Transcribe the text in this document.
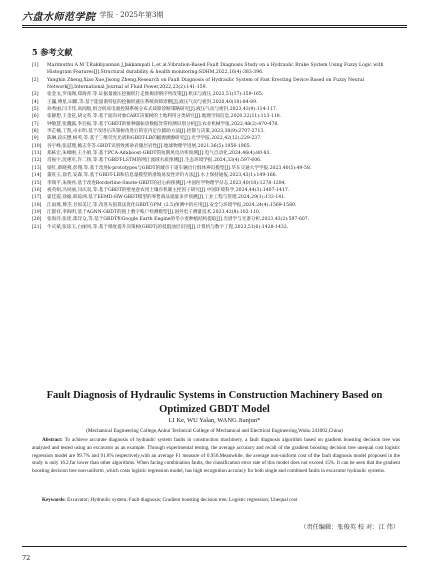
六盘水师范学院 学报 · 2025年第3期
5 参考文献
[1]	Marimuthu A M T,Rakkiyannan J,Jakkampati L,et al.Vibration-Based Fault Diagnosis Study on a Hydraulic Brake System Using Fuzzy Logic with Histogram Features[J].Structural durability & health monitoring:SDHM,2022,16(4):383-396.
[2]	Yanghin Zheng,Xiao Xue,Jisong Zheng,Research on Fault Diagnosis of Hydraulic System of Fast Erecting Device Based on Fuzzy Neural Network[J].International Journal of Fluid Power,2022,23(2):141-159.
[3]	张金戈,罗南阁,郑海青.等.证据量液压挖掘机行走推揭诊断序列改策[J].机床与液压,2023,51(17):159-165.
[4]	王巍,傅星,田麒,等.基于能量谱特征的挖掘机液压系统故障诊断[J].液压气动与密封,2020,40(10):84-89.
[5]	孙秀丽,闫丰伟,高闻航,组合机床电液控制系统分布式故障诊断策略研究[J].液压气动与密封,2023,43(9):114-117.
[6]	张静想,王金花,胡文英.等.基于面向对象CART决策树的土地利用分类研究[J].地理空间信息,2020,22(11):113-118.
[7]	钟敏慧,张魏露,李启振,等.基于GBDT的排种器振动数据异常检测识别分析[J].农业机械学报,2022,48(2):470-478.
[8]	李芷楠,丁凯,卓永明.基于改进后决策树改进后的室内定位辅助方法[J].控制与决策,2023,38(9):2707-2713.
[9]	陈琳,段庆懋,杨英,等.基于三维荧光光谱和GBDT-LR的幅源溯源研究[J].光学学报,2022,42(12):229-237.
[10]	谷宇峰,张道理,鲍志冬等.GBDT识别致密砂岩储层岩性[J].地球物理学进展,2021,36(5):1956-1965.
[11]	郑栋宏,朱峰刚,王小娟,等.基于PCA-Adaboost-GBDT的短期风电功率预测[J].电气自动化,2024,46(4):80-83.
[12]	肖振宇,沈惠军,许二扬,等.基于GBDT-LSTM的网江流域水质预测[J].生态环境学报,2024,33(4):597-606.
[13]	梁红,蔡晓燕,彭翔,等.基于改进k-prototypes与GBDT的城市干道车辆出行群体辨识模型[J].华东交通大学学报,2023,40(5):49-58.
[14]	董旺玉,徐若,安森,等.基于GBDT-LR和信息量模型的滑坡易发性评价方法[J].水土保持通报,2023,43(1):149-166.
[15]	李瑞平,朱俊亮.基于改进Borderline-Smote-GBDT的冠心病预测[J].中国医学物理学杂志,2023,40(10):1278-1284.
[16]	祝英娟,冯同丽,闫庆双,等.基于GBDT的壁垒意农用土壤有机碳主控因子研究[J].中国环境科学,2024,44(3):1407-1417.
[17]	霍佳霞,徐偷,韩琼洲.基于EEMD-HW-GBDT模型的零售商品销量多步预测[J].工业工程与管理,2024,29(1):133-141.
[18]	江雨燕,傅杰,甘如美辽,等.改进灰狼算法优化GBDT在PM_(2.5)预测中的应用[J].安全与环境学报,2024,24(4):1569-1580.
[19]	江群祥,李海明,基于AGNN-GBDT的链上数字账户检测模型[J].国外电子测量技术,2023,42(8):102-110.
[20]	张海洋,张瑶,邵洋众,等.基于GBDT和Google Earth Engine的冬小麦种植结构提取[J].光谱学与光谱分析,2023,43(2):597-607.
[21]	牛庆斌,张琼玉,白丽凤,等.基于梯度提升决策树(GBDT)的低阻油层识别[J].计算机与数字工程,2023,51(6):1428-1432.
Fault Diagnosis of Hydraulic Systems in Construction Machinery Based on Optimized GBDT Model
LI Ke, WU Yalan, WANG Jianjun*
(Mechanical Engineering College,Anhui Technical College of Mechanical and Electrical Engineering,Wuhu 241002,China)
Abstract: To achieve accurate diagnosis of hydraulic system faults in construction machinery, a fault diagnosis algorithm based on gradient boosting decision tree was analyzed and tested using an excavator as an example. Through experimental testing, the average accuracy and recall of the gradient boosting decision tree unequal cost logistic regression model are 99.7% and 91.8% respectively,with an average F1 measure of 0.956.Meanwhile, the average non-uniform cost of the fault diagnosis model proposed in the study is only 16.2,far lower than other algorithms. When facing combination faults, the classification error rate of this model does not exceed 15%. It can be seen that the gradient boosting decision tree non-uniform ,which costs logistic regression model, has high recognition accuracy for both single and combined faults in excavator hydraulic systems.
Keywords: Excavator; Hydraulic system; Fault diagnosis; Gradient boosting decision tree; Logistic regression; Unequal cost
（责任编辑：张俊英 校 对：江 伟）
72
